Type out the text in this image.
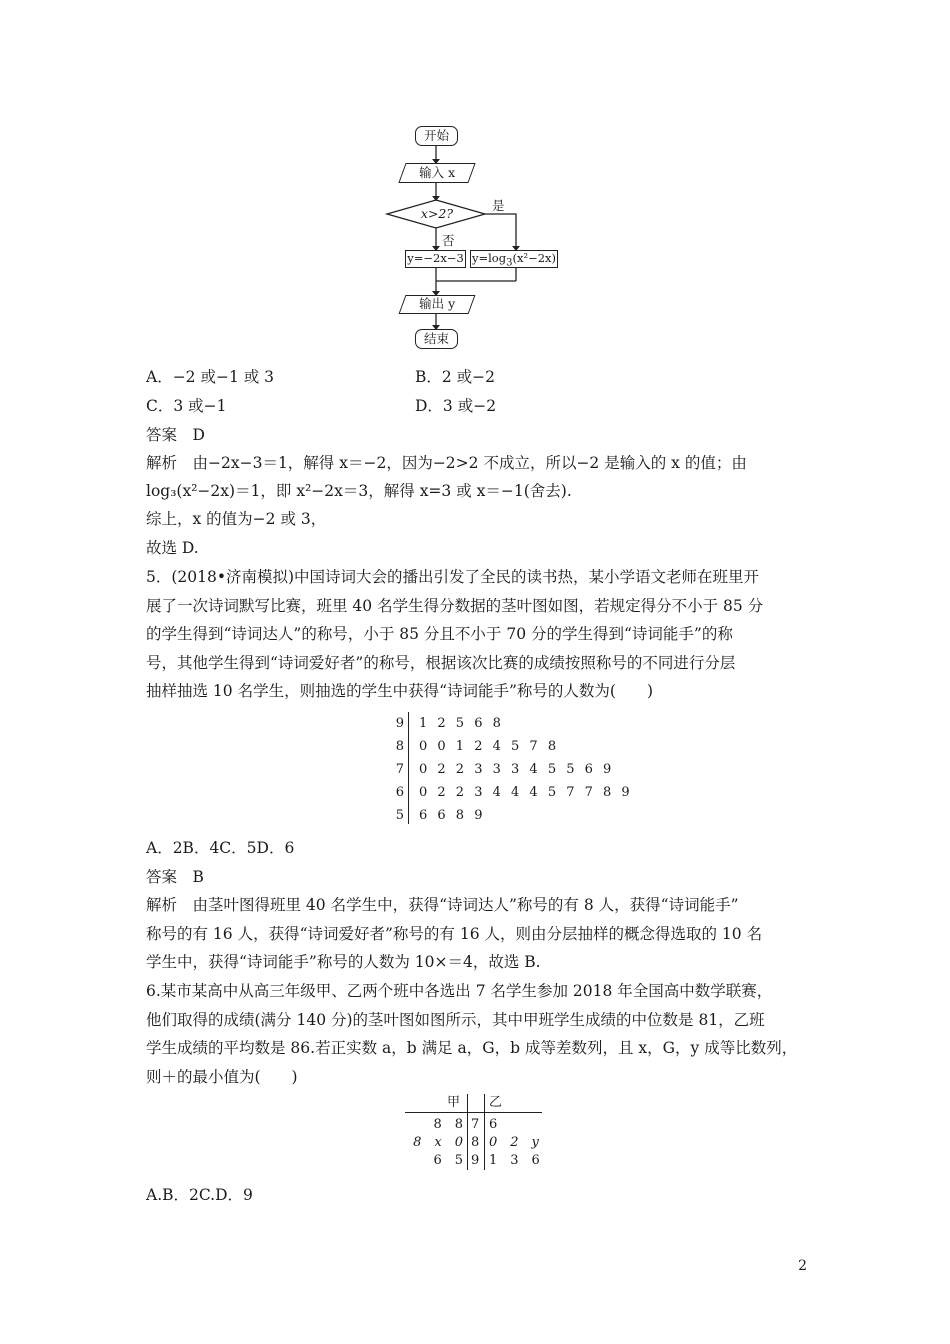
开始
输入 x
x>2?
是
否
y=−2x−3 y=log3(x²−2x)
输出 y
结束
A．−2 或−1 或 3	B．2 或−2
C．3 或−1	D．3 或−2
答案　D
解析　由−2x−3＝1，解得 x＝−2，因为−2>2 不成立，所以−2 是输入的 x 的值；由
log₃(x²−2x)＝1，即 x²−2x＝3，解得 x=3 或 x＝−1(舍去).
综上，x 的值为−2 或 3，
故选 D.
5．(2018•济南模拟)中国诗词大会的播出引发了全民的读书热，某小学语文老师在班里开
展了一次诗词默写比赛，班里 40 名学生得分数据的茎叶图如图，若规定得分不小于 85 分
的学生得到“诗词达人”的称号，小于 85 分且不小于 70 分的学生得到“诗词能手”的称
号，其他学生得到“诗词爱好者”的称号，根据该次比赛的成绩按照称号的不同进行分层
抽样抽选 10 名学生，则抽选的学生中获得“诗词能手”称号的人数为(　　)
9 1 2 5 6 8
8 0 0 1 2 4 5 7 8
7 0 2 2 3 3 3 4 5 5 6 9
6 0 2 2 3 4 4 4 5 7 7 8 9
5 6 6 8 9
A．2B．4C．5D．6
答案　B
解析　由茎叶图得班里 40 名学生中，获得“诗词达人”称号的有 8 人，获得“诗词能手”
称号的有 16 人，获得“诗词爱好者”称号的有 16 人，则由分层抽样的概念得选取的 10 名
学生中，获得“诗词能手”称号的人数为 10×＝4，故选 B.
6.某市某高中从高三年级甲、乙两个班中各选出 7 名学生参加 2018 年全国高中数学联赛，
他们取得的成绩(满分 140 分)的茎叶图如图所示，其中甲班学生成绩的中位数是 81，乙班
学生成绩的平均数是 86.若正实数 a，b 满足 a，G，b 成等差数列，且 x，G，y 成等比数列，
则＋的最小值为(　　)
甲 乙
8　8 7 6
8　x　0 8 0　2　y
6　5 9 1　3　6
A.B．2C.D．9
2
